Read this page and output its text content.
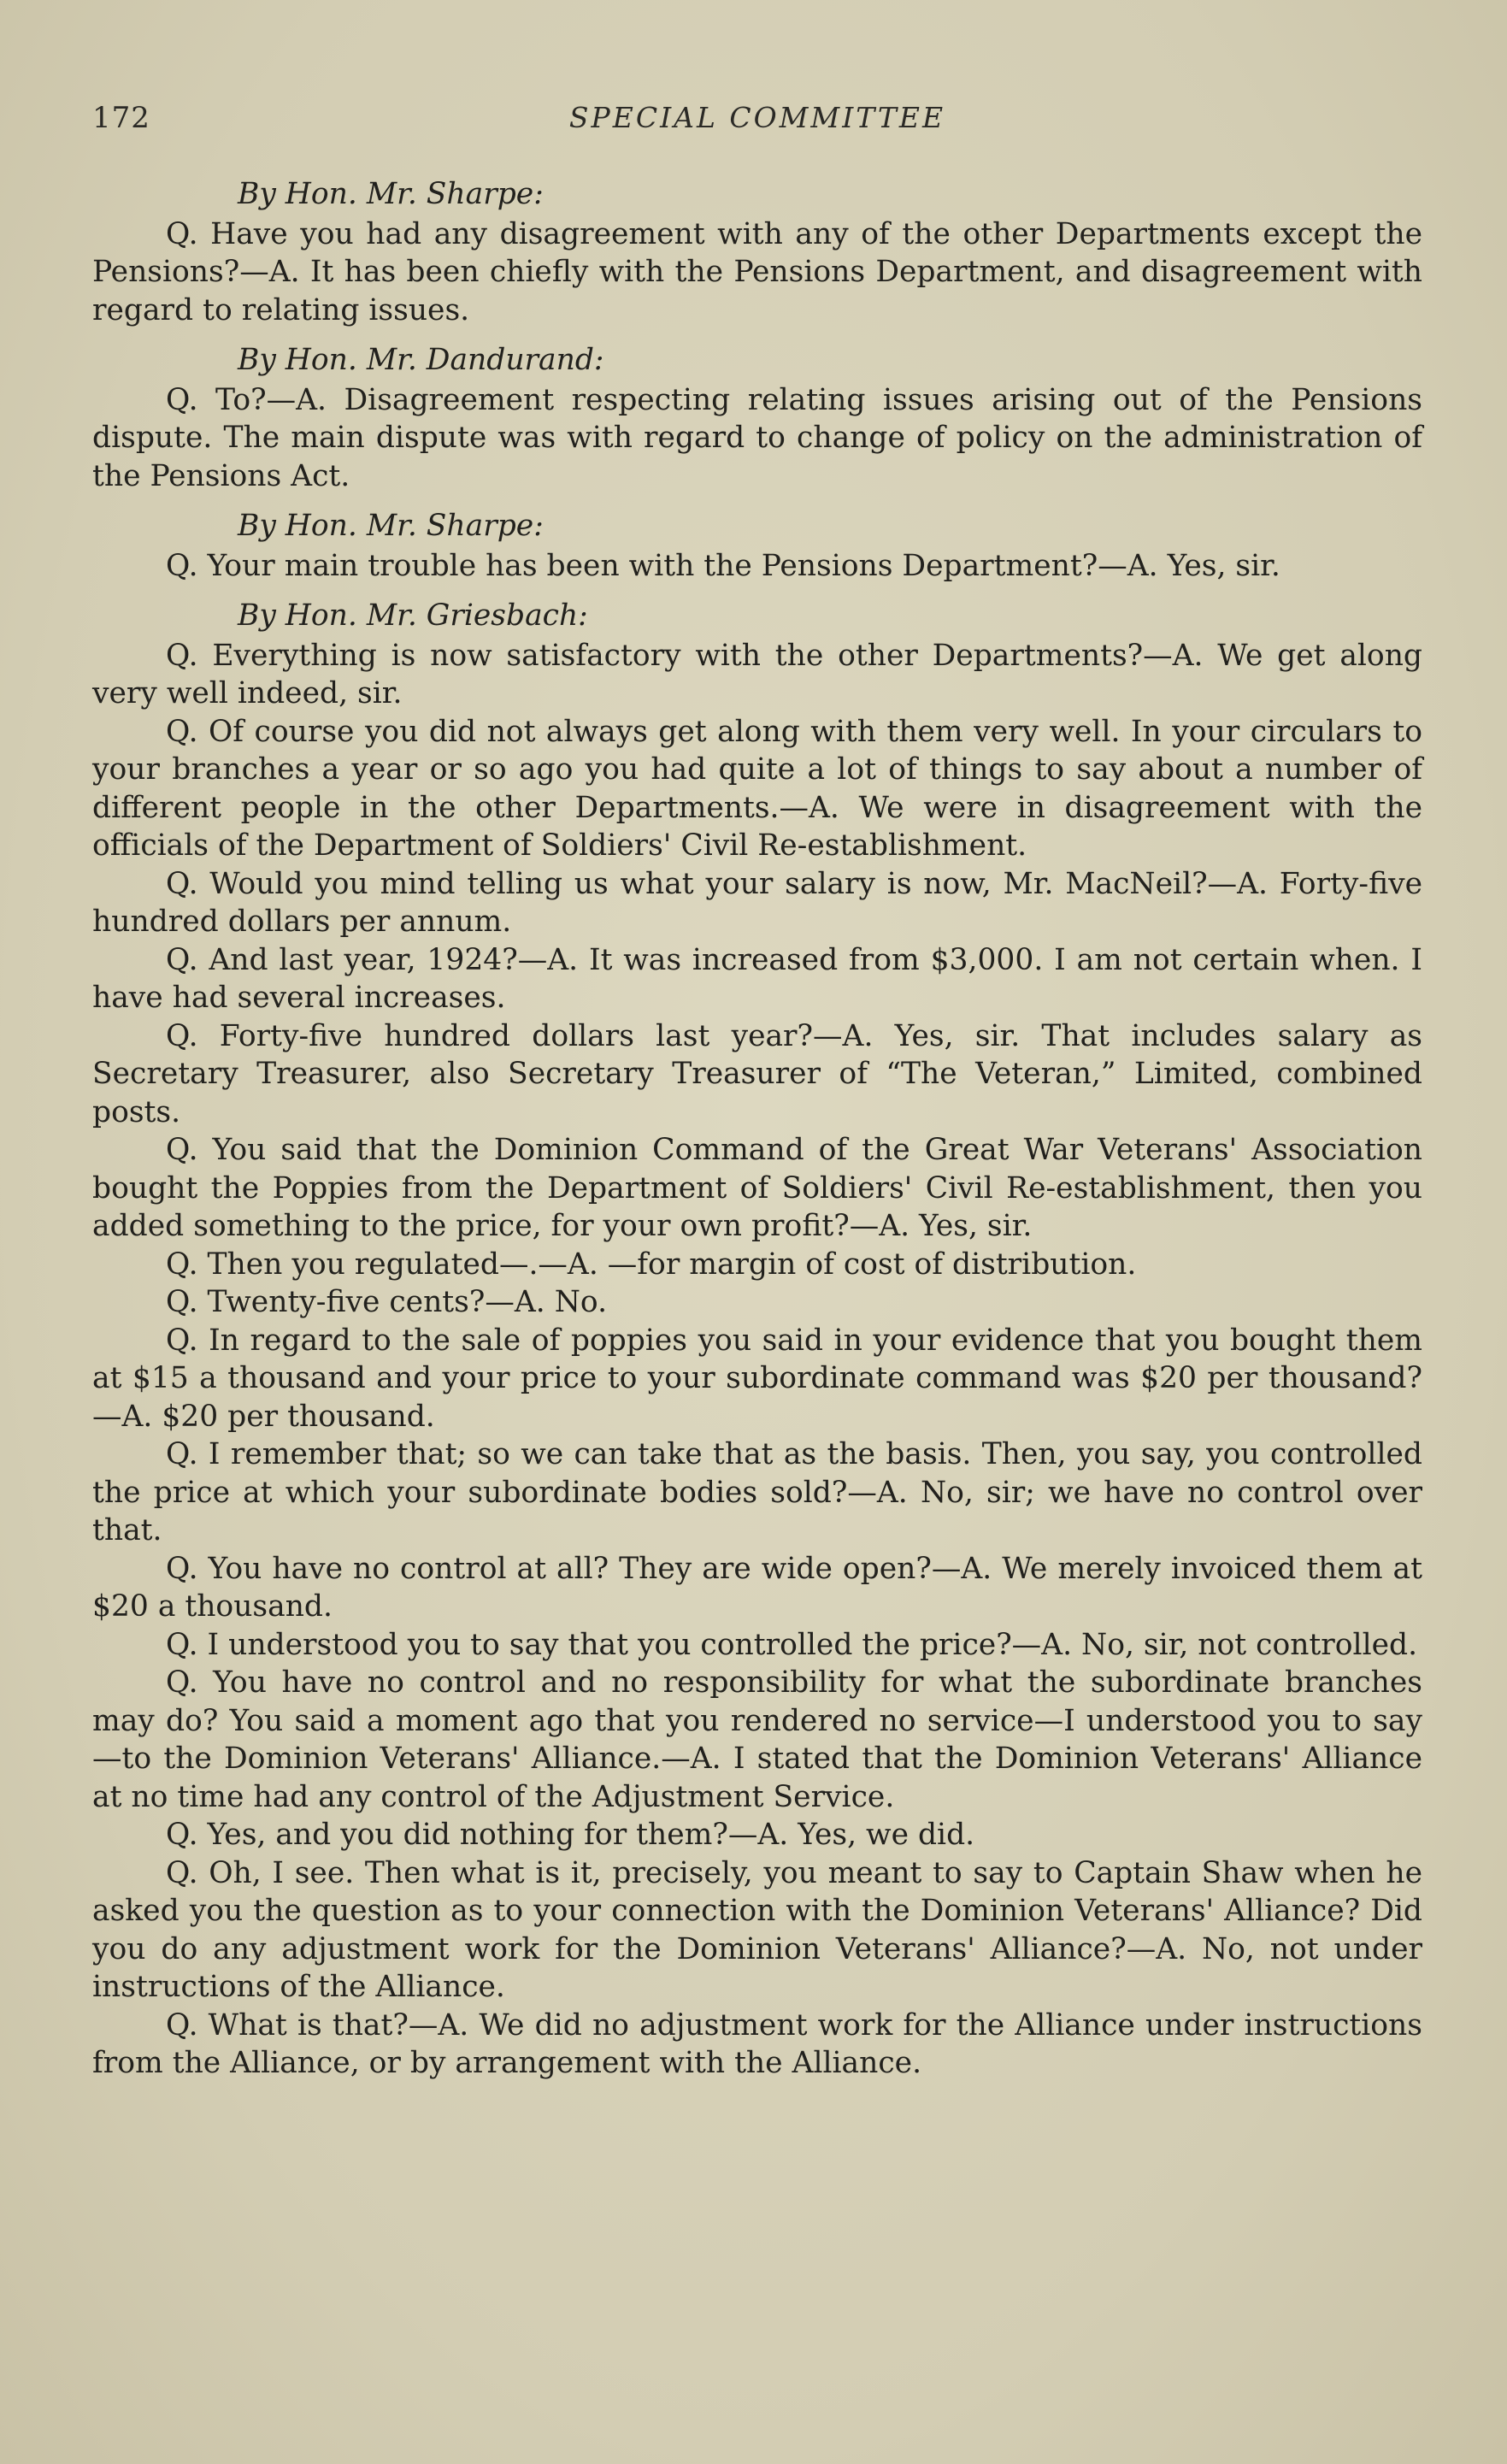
172	SPECIAL COMMITTEE

By Hon. Mr. Sharpe:

Q. Have you had any disagreement with any of the other Departments except the Pensions?—A. It has been chiefly with the Pensions Department, and disagreement with regard to relating issues.

By Hon. Mr. Dandurand:

Q. To?—A. Disagreement respecting relating issues arising out of the Pensions dispute. The main dispute was with regard to change of policy on the administration of the Pensions Act.

By Hon. Mr. Sharpe:

Q. Your main trouble has been with the Pensions Department?—A. Yes, sir.

By Hon. Mr. Griesbach:

Q. Everything is now satisfactory with the other Departments?—A. We get along very well indeed, sir.

Q. Of course you did not always get along with them very well. In your circulars to your branches a year or so ago you had quite a lot of things to say about a number of different people in the other Departments.—A. We were in disagreement with the officials of the Department of Soldiers' Civil Re-establishment.

Q. Would you mind telling us what your salary is now, Mr. MacNeil?—A. Forty-five hundred dollars per annum.

Q. And last year, 1924?—A. It was increased from $3,000. I am not certain when. I have had several increases.

Q. Forty-five hundred dollars last year?—A. Yes, sir. That includes salary as Secretary Treasurer, also Secretary Treasurer of “The Veteran,” Limited, combined posts.

Q. You said that the Dominion Command of the Great War Veterans' Association bought the Poppies from the Department of Soldiers' Civil Re-establishment, then you added something to the price, for your own profit?—A. Yes, sir.

Q. Then you regulated—.—A. —for margin of cost of distribution.

Q. Twenty-five cents?—A. No.

Q. In regard to the sale of poppies you said in your evidence that you bought them at $15 a thousand and your price to your subordinate command was $20 per thousand?—A. $20 per thousand.

Q. I remember that; so we can take that as the basis. Then, you say, you controlled the price at which your subordinate bodies sold?—A. No, sir; we have no control over that.

Q. You have no control at all? They are wide open?—A. We merely invoiced them at $20 a thousand.

Q. I understood you to say that you controlled the price?—A. No, sir, not controlled.

Q. You have no control and no responsibility for what the subordinate branches may do? You said a moment ago that you rendered no service—I understood you to say—to the Dominion Veterans' Alliance.—A. I stated that the Dominion Veterans' Alliance at no time had any control of the Adjustment Service.

Q. Yes, and you did nothing for them?—A. Yes, we did.

Q. Oh, I see. Then what is it, precisely, you meant to say to Captain Shaw when he asked you the question as to your connection with the Dominion Veterans' Alliance? Did you do any adjustment work for the Dominion Veterans' Alliance?—A. No, not under instructions of the Alliance.

Q. What is that?—A. We did no adjustment work for the Alliance under instructions from the Alliance, or by arrangement with the Alliance.
